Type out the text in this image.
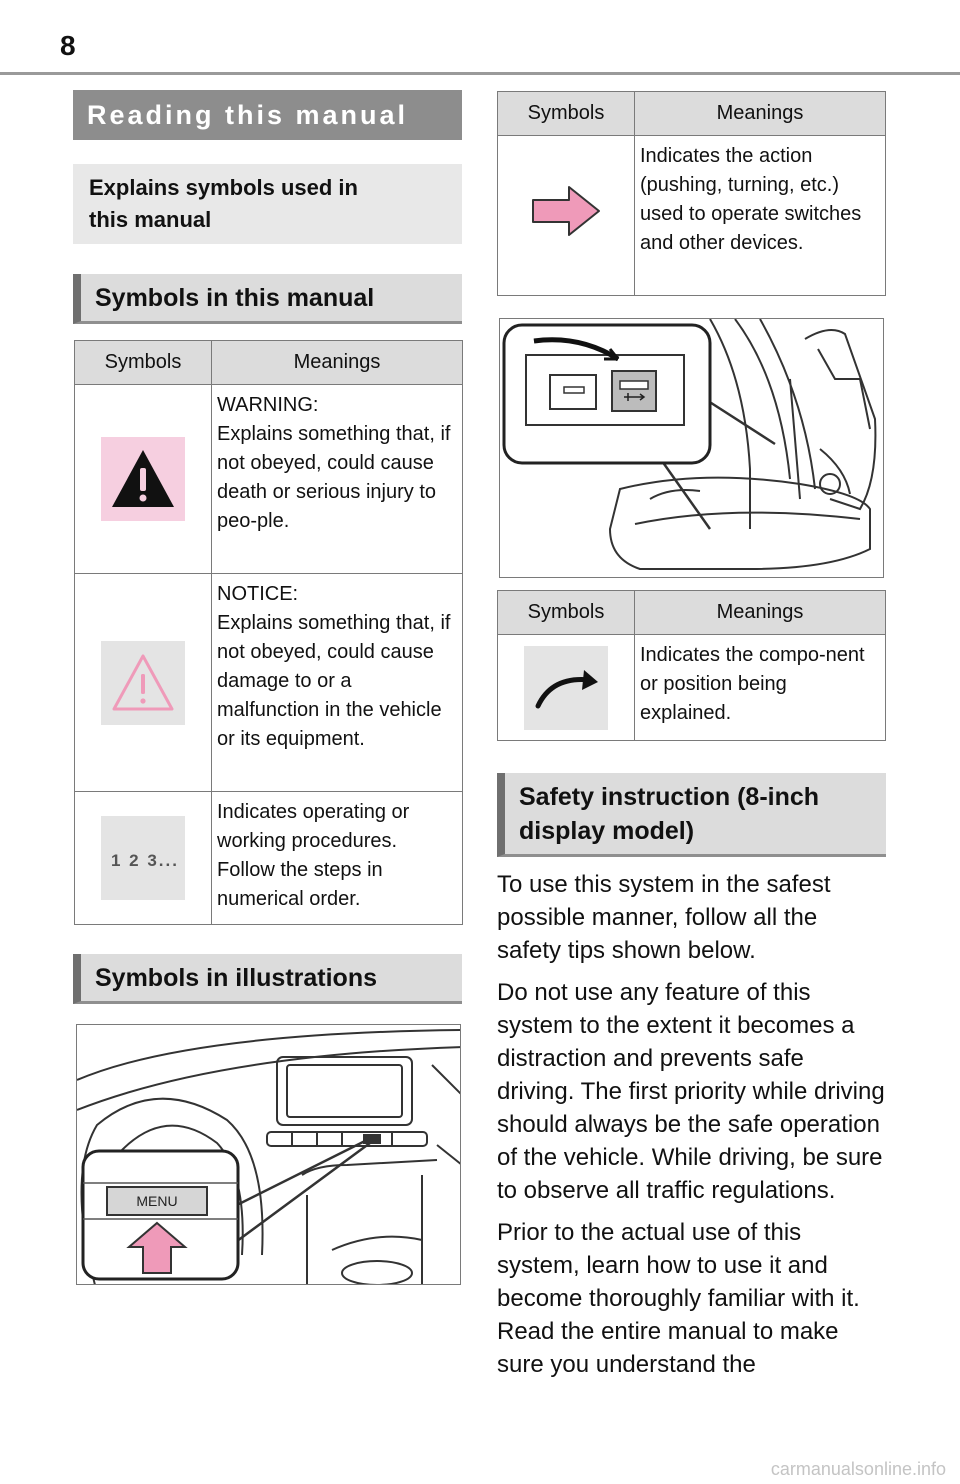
8
Reading this manual
Explains symbols used in this manual
Symbols in this manual
Symbols	Meanings
	WARNING:
Explains something that, if not obeyed, could cause death or serious injury to peo-ple.
	NOTICE:
Explains something that, if not obeyed, could cause damage to or a malfunction in the vehicle or its equipment.

1 2 3...	Indicates operating or working procedures. Follow the steps in numerical order.
Symbols in illustrations
MENU
Symbols	Meanings
	Indicates the action (pushing, turning, etc.) used to operate switches and other devices.
Symbols	Meanings
	Indicates the compo-nent or position being explained.
Safety instruction (8-inch display model)

To use this system in the safest possible manner, follow all the safety tips shown below.

Do not use any feature of this system to the extent it becomes a distraction and prevents safe driving. The first priority while driving should always be the safe operation of the vehicle. While driving, be sure to observe all traffic regulations.

Prior to the actual use of this system, learn how to use it and become thoroughly familiar with it. Read the entire manual to make sure you understand the

carmanualsonline.info
